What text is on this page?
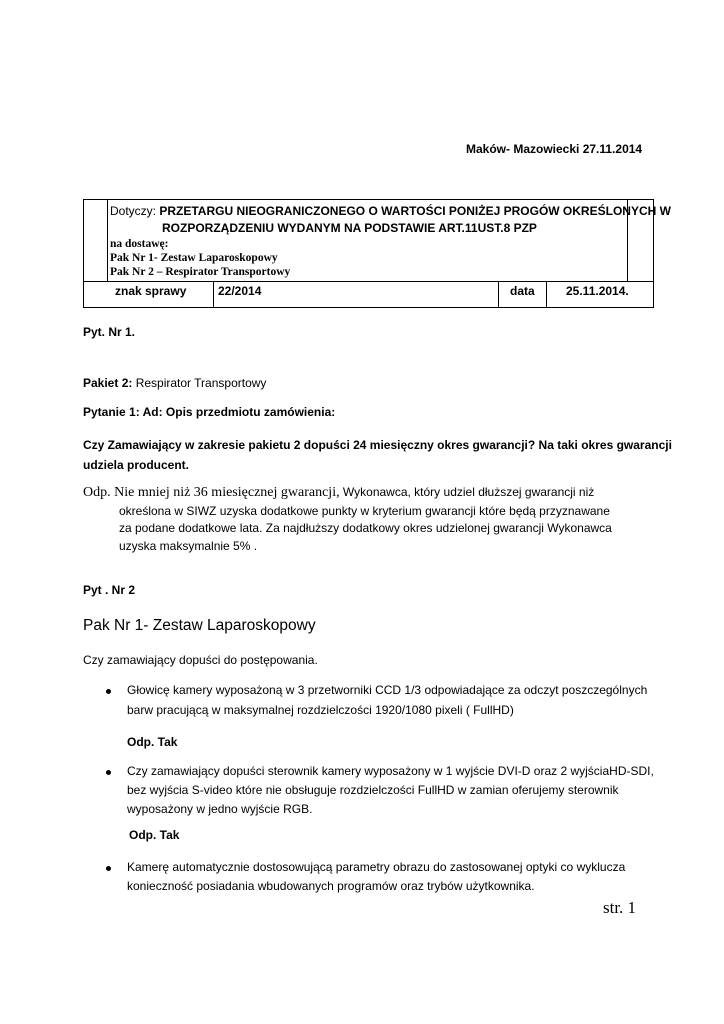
Maków- Mazowiecki 27.11.2014
Dotyczy: PRZETARGU NIEOGRANICZONEGO O WARTOŚCI PONIŻEJ PROGÓW OKREŚLONYCH W
ROZPORZĄDZENIU WYDANYM NA PODSTAWIE ART.11UST.8 PZP
na dostawę:
Pak Nr 1- Zestaw Laparoskopowy
Pak Nr 2 – Respirator Transportowy
znak sprawy	22/2014	data	25.11.2014.
Pyt. Nr 1.
Pakiet 2: Respirator Transportowy
Pytanie 1: Ad: Opis przedmiotu zamówienia:
Czy Zamawiający w zakresie pakietu 2 dopuści 24 miesięczny okres gwarancji? Na taki okres gwarancji
udziela producent.
Odp. Nie mniej niż 36 miesięcznej gwarancji, Wykonawca, który udziel dłuższej gwarancji niż
określona w SIWZ uzyska dodatkowe punkty w kryterium gwarancji które będą przyznawane
za podane dodatkowe lata. Za najdłuższy dodatkowy okres udzielonej gwarancji Wykonawca
uzyska maksymalnie 5% .
Pyt . Nr 2
Pak Nr 1- Zestaw Laparoskopowy
Czy zamawiający dopuści do postępowania.
Głowicę kamery wyposażoną w 3 przetworniki CCD 1/3 odpowiadające za odczyt poszczególnych
barw pracującą w maksymalnej rozdzielczości 1920/1080 pixeli ( FullHD)
Odp. Tak
Czy zamawiający dopuści sterownik kamery wyposażony w 1 wyjście DVI-D oraz 2 wyjściaHD-SDI,
bez wyjścia S-video które nie obsługuje rozdzielczości FullHD w zamian oferujemy sterownik
wyposażony w jedno wyjście RGB.
Odp. Tak
Kamerę automatycznie dostosowującą parametry obrazu do zastosowanej optyki co wyklucza
konieczność posiadania wbudowanych programów oraz trybów użytkownika.
str. 1
